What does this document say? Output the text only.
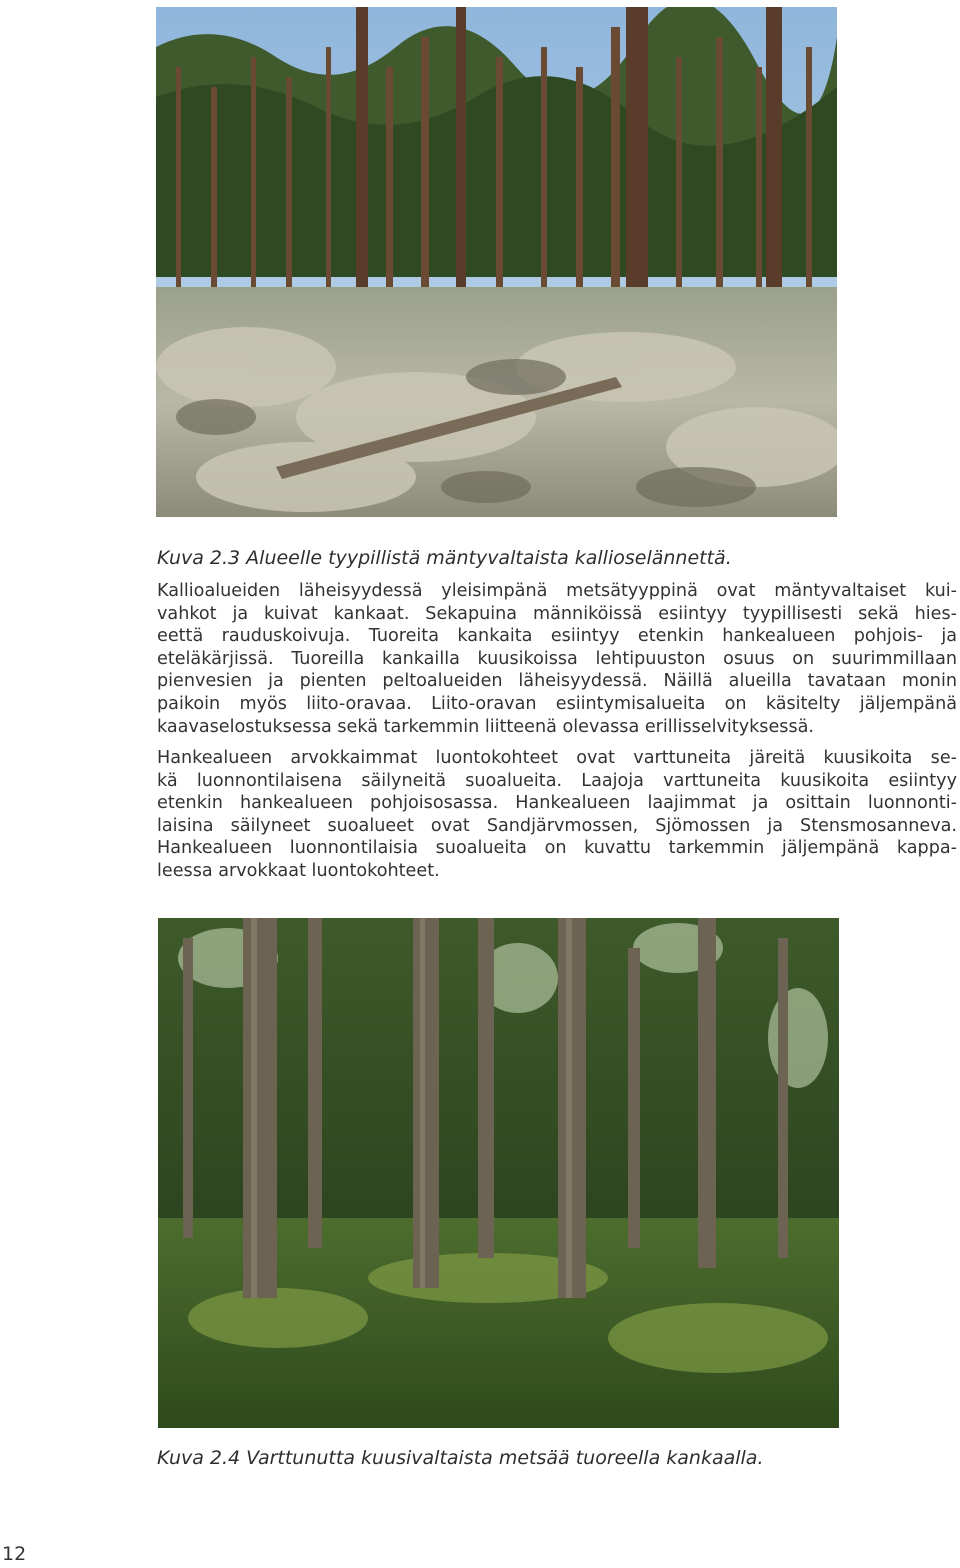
Kuva 2.3 Alueelle tyypillistä mäntyvaltaista kallioselännettä.
Kallioalueiden läheisyydessä yleisimpänä metsätyyppinä ovat mäntyvaltaiset kui-
vahkot ja kuivat kankaat. Sekapuina männiköissä esiintyy tyypillisesti sekä hies-
eettä rauduskoivuja. Tuoreita kankaita esiintyy etenkin hankealueen pohjois- ja
eteläkärjissä. Tuoreilla kankailla kuusikoissa lehtipuuston osuus on suurimmillaan
pienvesien ja pienten peltoalueiden läheisyydessä. Näillä alueilla tavataan monin
paikoin myös liito-oravaa. Liito-oravan esiintymisalueita on käsitelty jäljempänä
kaavaselostuksessa sekä tarkemmin liitteenä olevassa erillisselvityksessä.
Hankealueen arvokkaimmat luontokohteet ovat varttuneita järeitä kuusikoita se-
kä luonnontilaisena säilyneitä suoalueita. Laajoja varttuneita kuusikoita esiintyy
etenkin hankealueen pohjoisosassa. Hankealueen laajimmat ja osittain luonnonti-
laisina säilyneet suoalueet ovat Sandjärvmossen, Sjömossen ja Stensmosanneva.
Hankealueen luonnontilaisia suoalueita on kuvattu tarkemmin jäljempänä kappa-
leessa arvokkaat luontokohteet.
Kuva 2.4 Varttunutta kuusivaltaista metsää tuoreella kankaalla.
12
